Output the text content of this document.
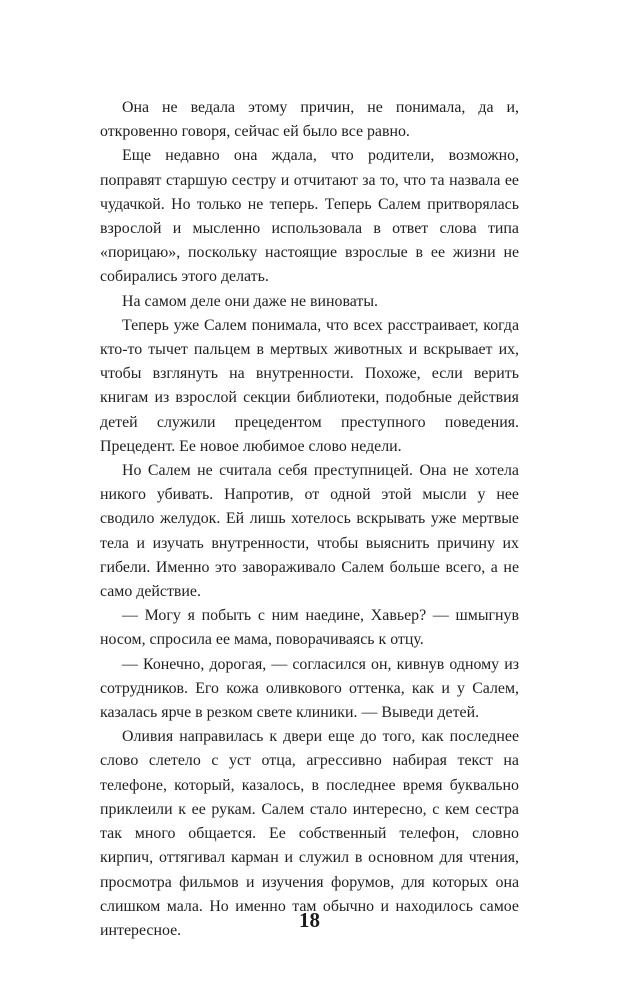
Она не ведала этому причин, не понимала, да и, откровенно говоря, сейчас ей было все равно.

Еще недавно она ждала, что родители, возможно, поправят старшую сестру и отчитают за то, что та назвала ее чудачкой. Но только не теперь. Теперь Салем притворялась взрослой и мысленно использовала в ответ слова типа «порицаю», поскольку настоящие взрослые в ее жизни не собирались этого делать.

На самом деле они даже не виноваты.

Теперь уже Салем понимала, что всех расстраивает, когда кто-то тычет пальцем в мертвых животных и вскрывает их, чтобы взглянуть на внутренности. Похоже, если верить книгам из взрослой секции библиотеки, подобные действия детей служили прецедентом преступного поведения. Прецедент. Ее новое любимое слово недели.

Но Салем не считала себя преступницей. Она не хотела никого убивать. Напротив, от одной этой мысли у нее сводило желудок. Ей лишь хотелось вскрывать уже мертвые тела и изучать внутренности, чтобы выяснить причину их гибели. Именно это завораживало Салем больше всего, а не само действие.

— Могу я побыть с ним наедине, Хавьер? — шмыгнув носом, спросила ее мама, поворачиваясь к отцу.

— Конечно, дорогая, — согласился он, кивнув одному из сотрудников. Его кожа оливкового оттенка, как и у Салем, казалась ярче в резком свете клиники. — Выведи детей.

Оливия направилась к двери еще до того, как последнее слово слетело с уст отца, агрессивно набирая текст на телефоне, который, казалось, в последнее время буквально приклеили к ее рукам. Салем стало интересно, с кем сестра так много общается. Ее собственный телефон, словно кирпич, оттягивал карман и служил в основном для чтения, просмотра фильмов и изучения форумов, для которых она слишком мала. Но именно там обычно и находилось самое интересное.	18
